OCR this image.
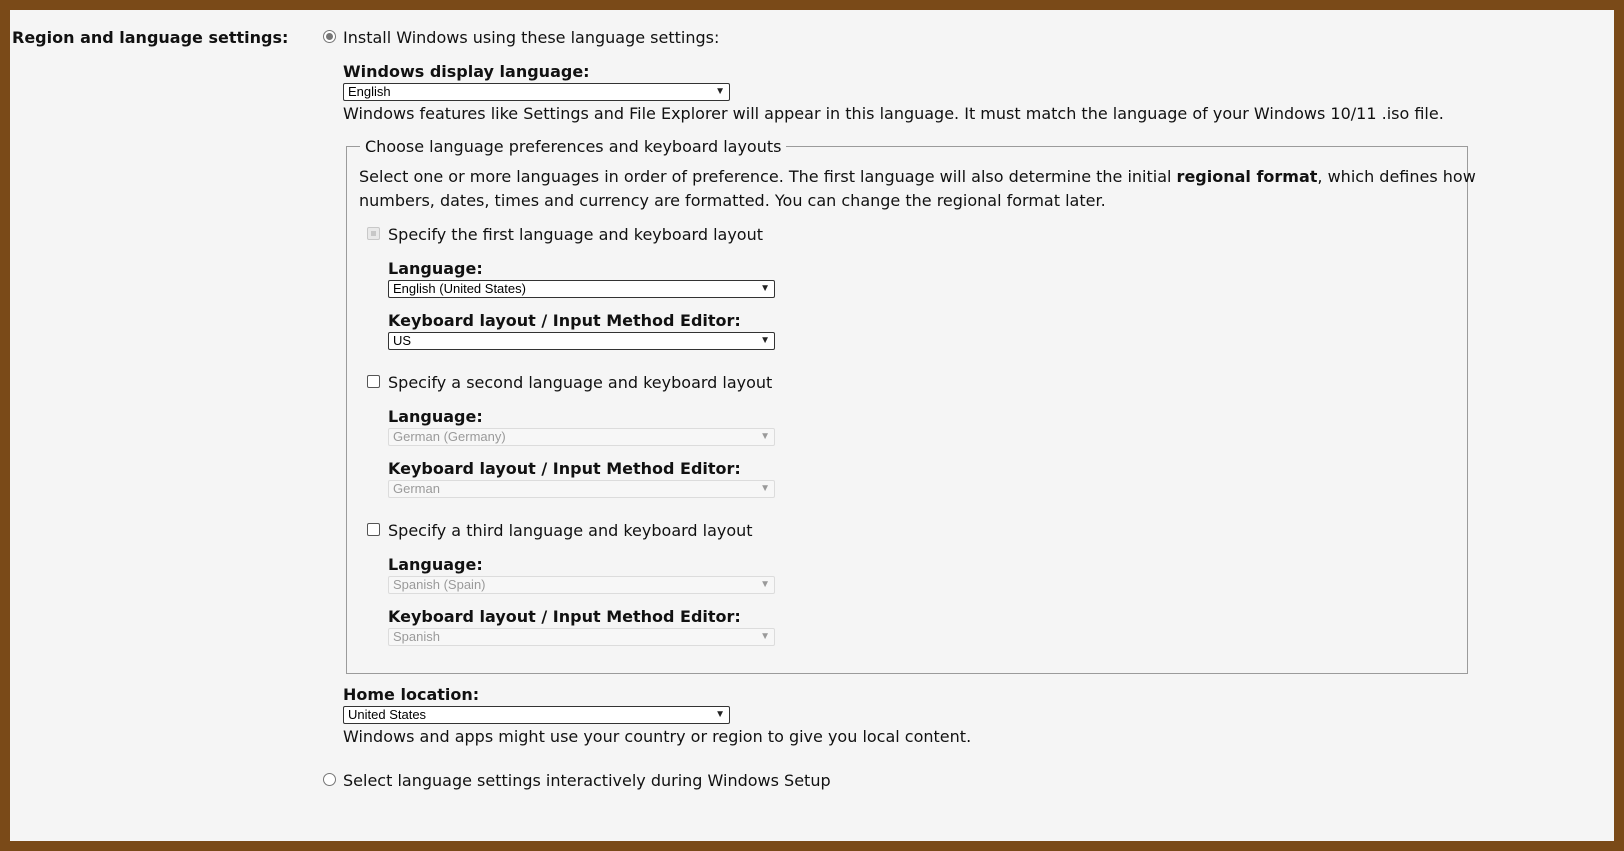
Region and language settings:	Install Windows using these language settings:
Windows display language:
English	▼
Windows features like Settings and File Explorer will appear in this language. It must match the language of your Windows 10/11 .iso file.
Choose language preferences and keyboard layouts
Select one or more languages in order of preference. The first language will also determine the initial regional format, which defines how
numbers, dates, times and currency are formatted. You can change the regional format later.
Specify the first language and keyboard layout
Language:
English (United States)	▼
Keyboard layout / Input Method Editor:
US	▼
Specify a second language and keyboard layout
Language:
German (Germany)	▼
Keyboard layout / Input Method Editor:
German	▼
Specify a third language and keyboard layout
Language:
Spanish (Spain)	▼
Keyboard layout / Input Method Editor:
Spanish	▼
Home location:
United States	▼
Windows and apps might use your country or region to give you local content.
Select language settings interactively during Windows Setup
